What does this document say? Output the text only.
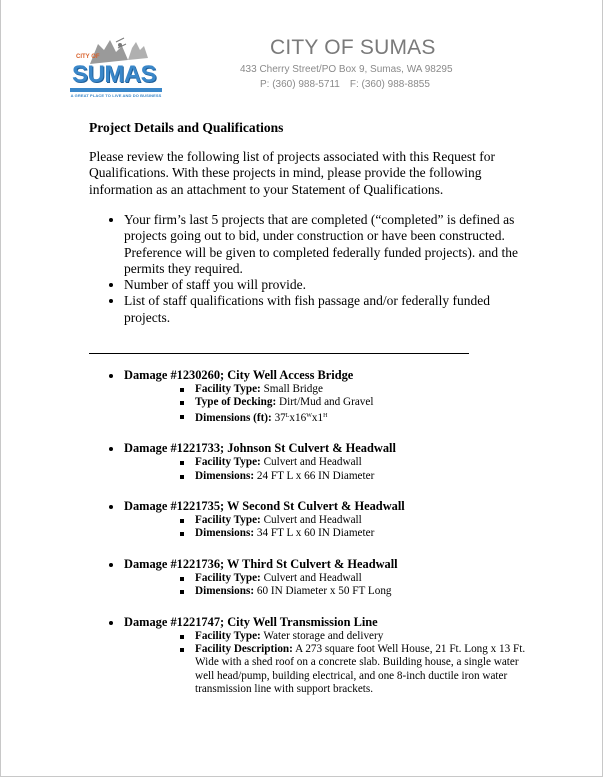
CITY OF
SUMAS
A GREAT PLACE TO LIVE AND DO BUSINESS
CITY OF SUMAS
433 Cherry Street/PO Box 9, Sumas, WA 98295
P: (360) 988-5711 F: (360) 988-8855
Project Details and Qualifications
Please review the following list of projects associated with this Request for Qualifications. With these projects in mind, please provide the following information as an attachment to your Statement of Qualifications.
• Your firm’s last 5 projects that are completed (“completed” is defined as projects going out to bid, under construction or have been constructed. Preference will be given to completed federally funded projects). and the permits they required.
• Number of staff you will provide.
• List of staff qualifications with fish passage and/or federally funded projects.
Damage #1230260; City Well Access Bridge
Facility Type: Small Bridge
Type of Decking: Dirt/Mud and Gravel
Dimensions (ft): $37^Lx16^Wx1^H$
Damage #1221733; Johnson St Culvert & Headwall
Facility Type: Culvert and Headwall
Dimensions: 24 FT L x 66 IN Diameter
Damage #1221735; W Second St Culvert & Headwall
Facility Type: Culvert and Headwall
Dimensions: 34 FT L x 60 IN Diameter
Damage #1221736; W Third St Culvert & Headwall
Facility Type: Culvert and Headwall
Dimensions: 60 IN Diameter x 50 FT Long
Damage #1221747; City Well Transmission Line
Facility Type: Water storage and delivery
Facility Description: A 273 square foot Well House, 21 Ft. Long x 13 Ft. Wide with a shed roof on a concrete slab. Building house, a single water well head/pump, building electrical, and one 8-inch ductile iron water transmission line with support brackets.
